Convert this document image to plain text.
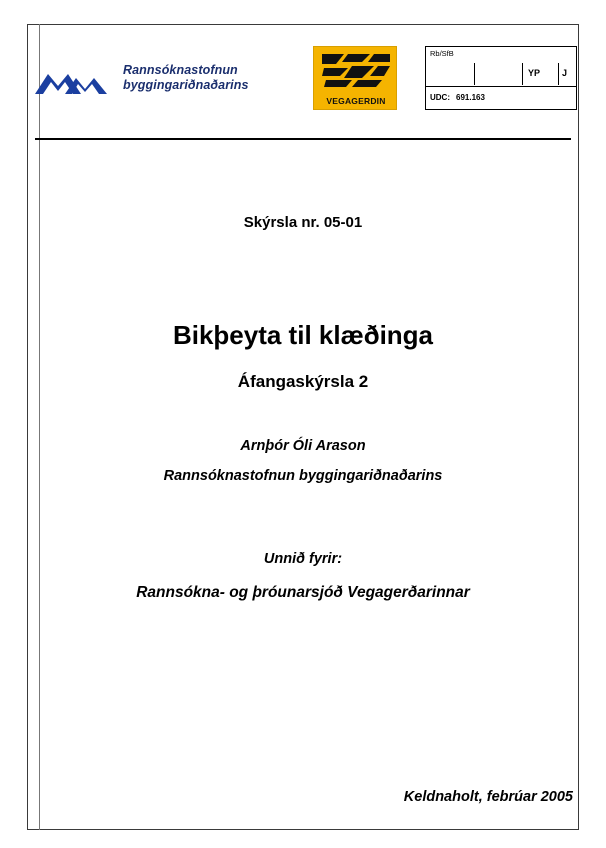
Rannsóknastofnun
byggingariðnaðarins
VEGAGERDIN
Rb/SfB
YP J
UDC: 691.163
Skýrsla nr. 05-01
Bikþeyta til klæðinga
Áfangaskýrsla 2
Arnþór Óli Arason
Rannsóknastofnun byggingariðnaðarins
Unnið fyrir:
Rannsókna- og þróunarsjóð Vegagerðarinnar
Keldnaholt, febrúar 2005
